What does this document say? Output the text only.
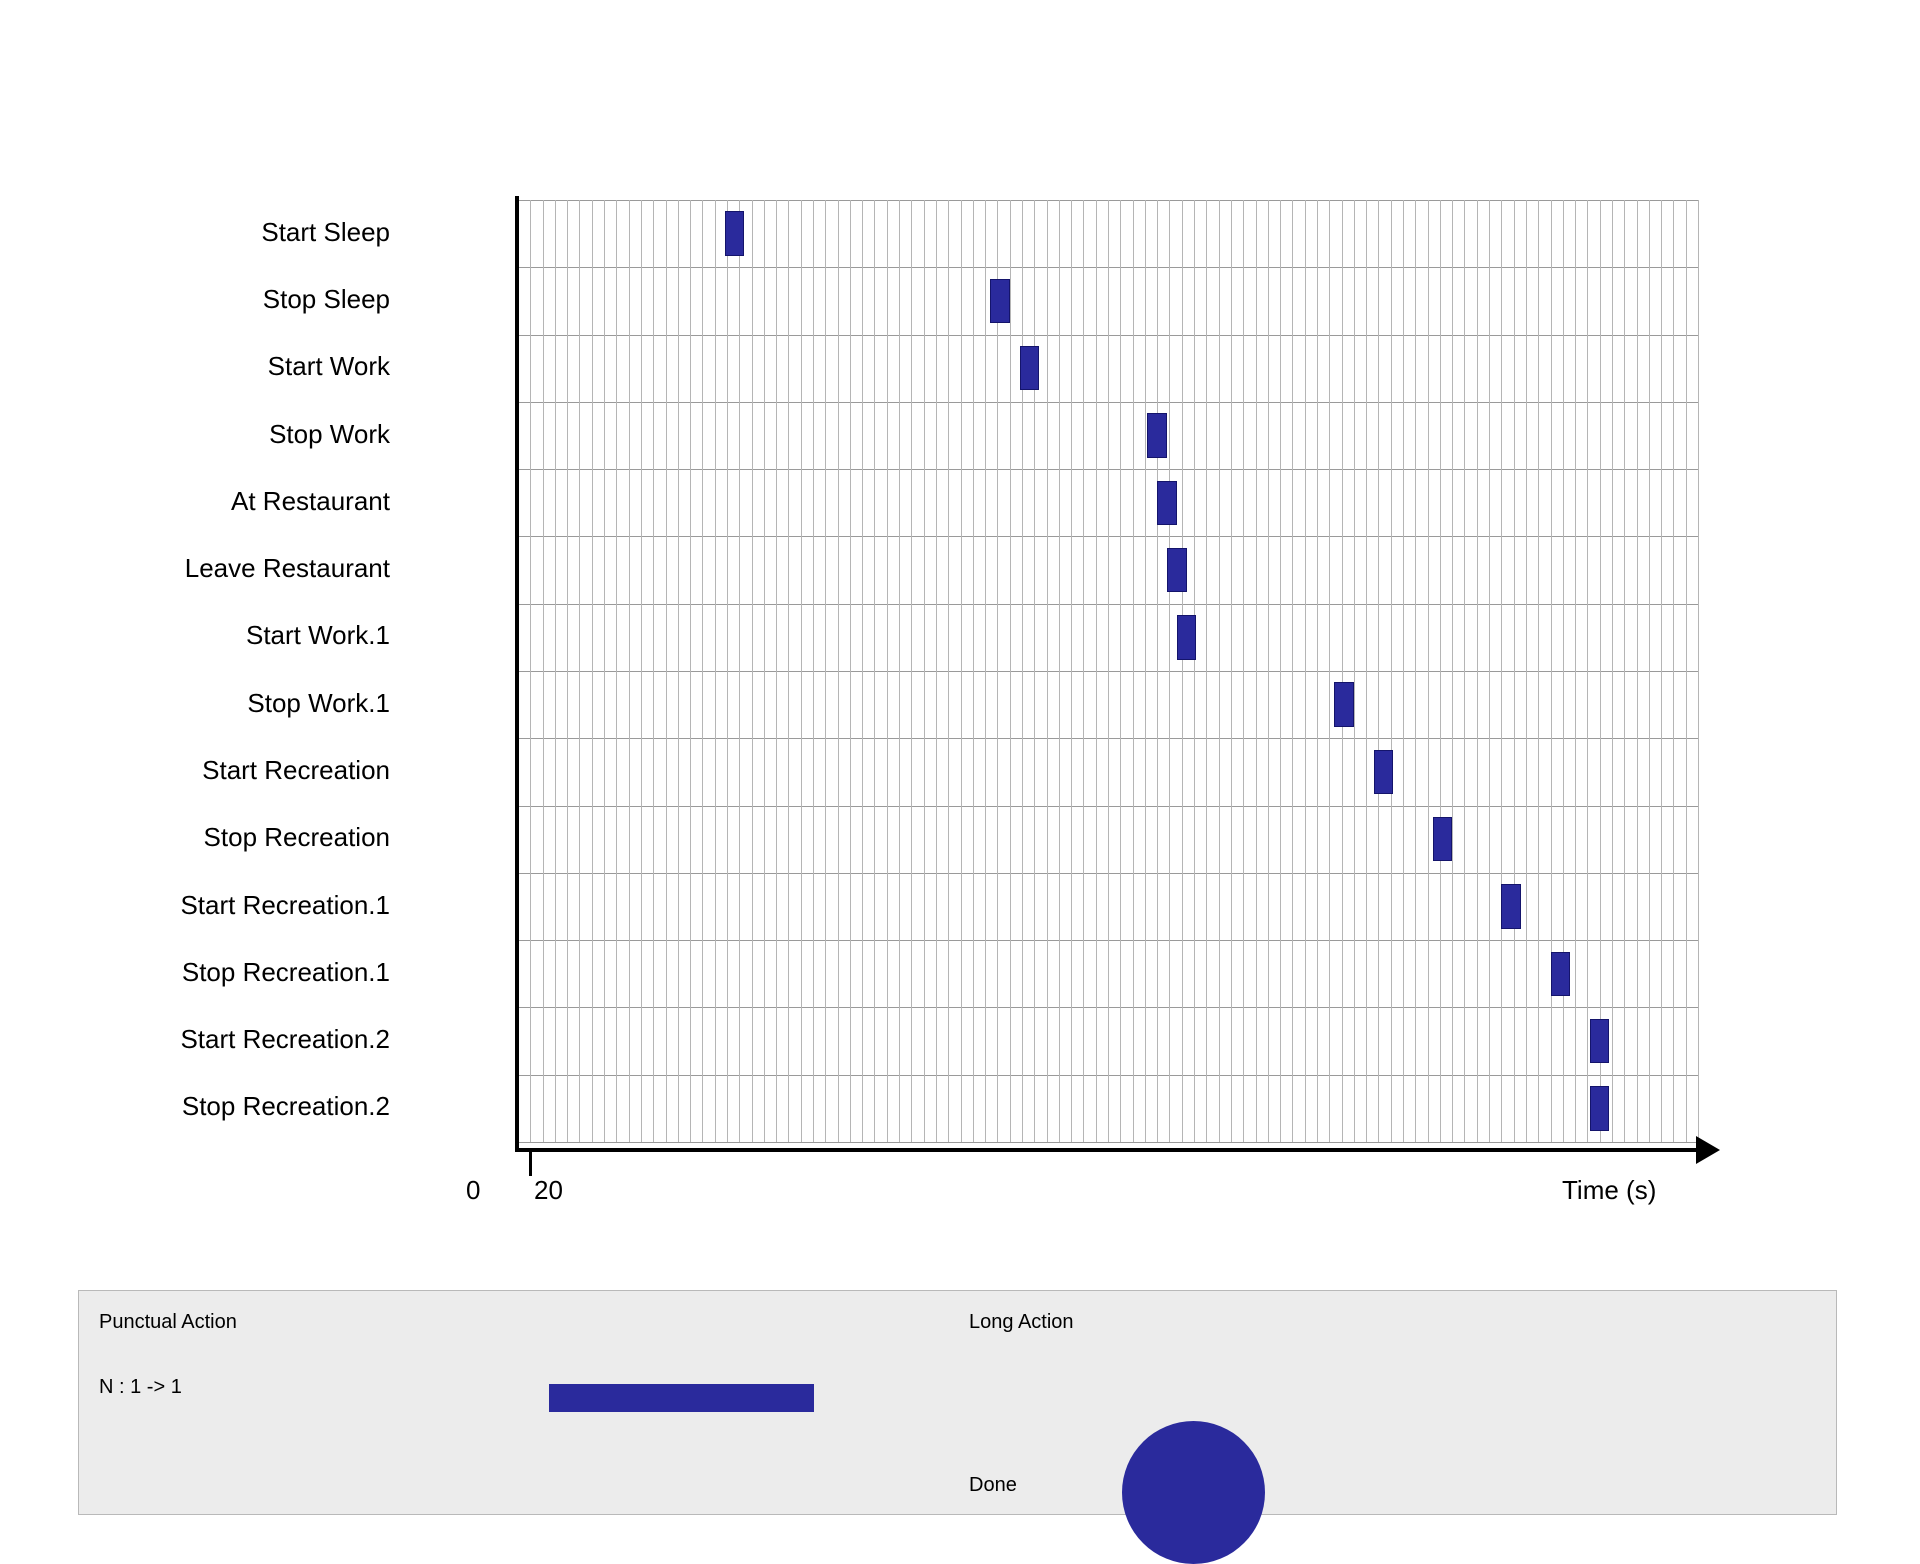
Start Sleep
Stop Sleep
Start Work
Stop Work
At Restaurant
Leave Restaurant
Start Work.1
Stop Work.1
Start Recreation
Stop Recreation
Start Recreation.1
Stop Recreation.1
Start Recreation.2
Stop Recreation.2
0 20	Time (s)
Punctual Action	Long Action
N : 1 -> 1
Done
